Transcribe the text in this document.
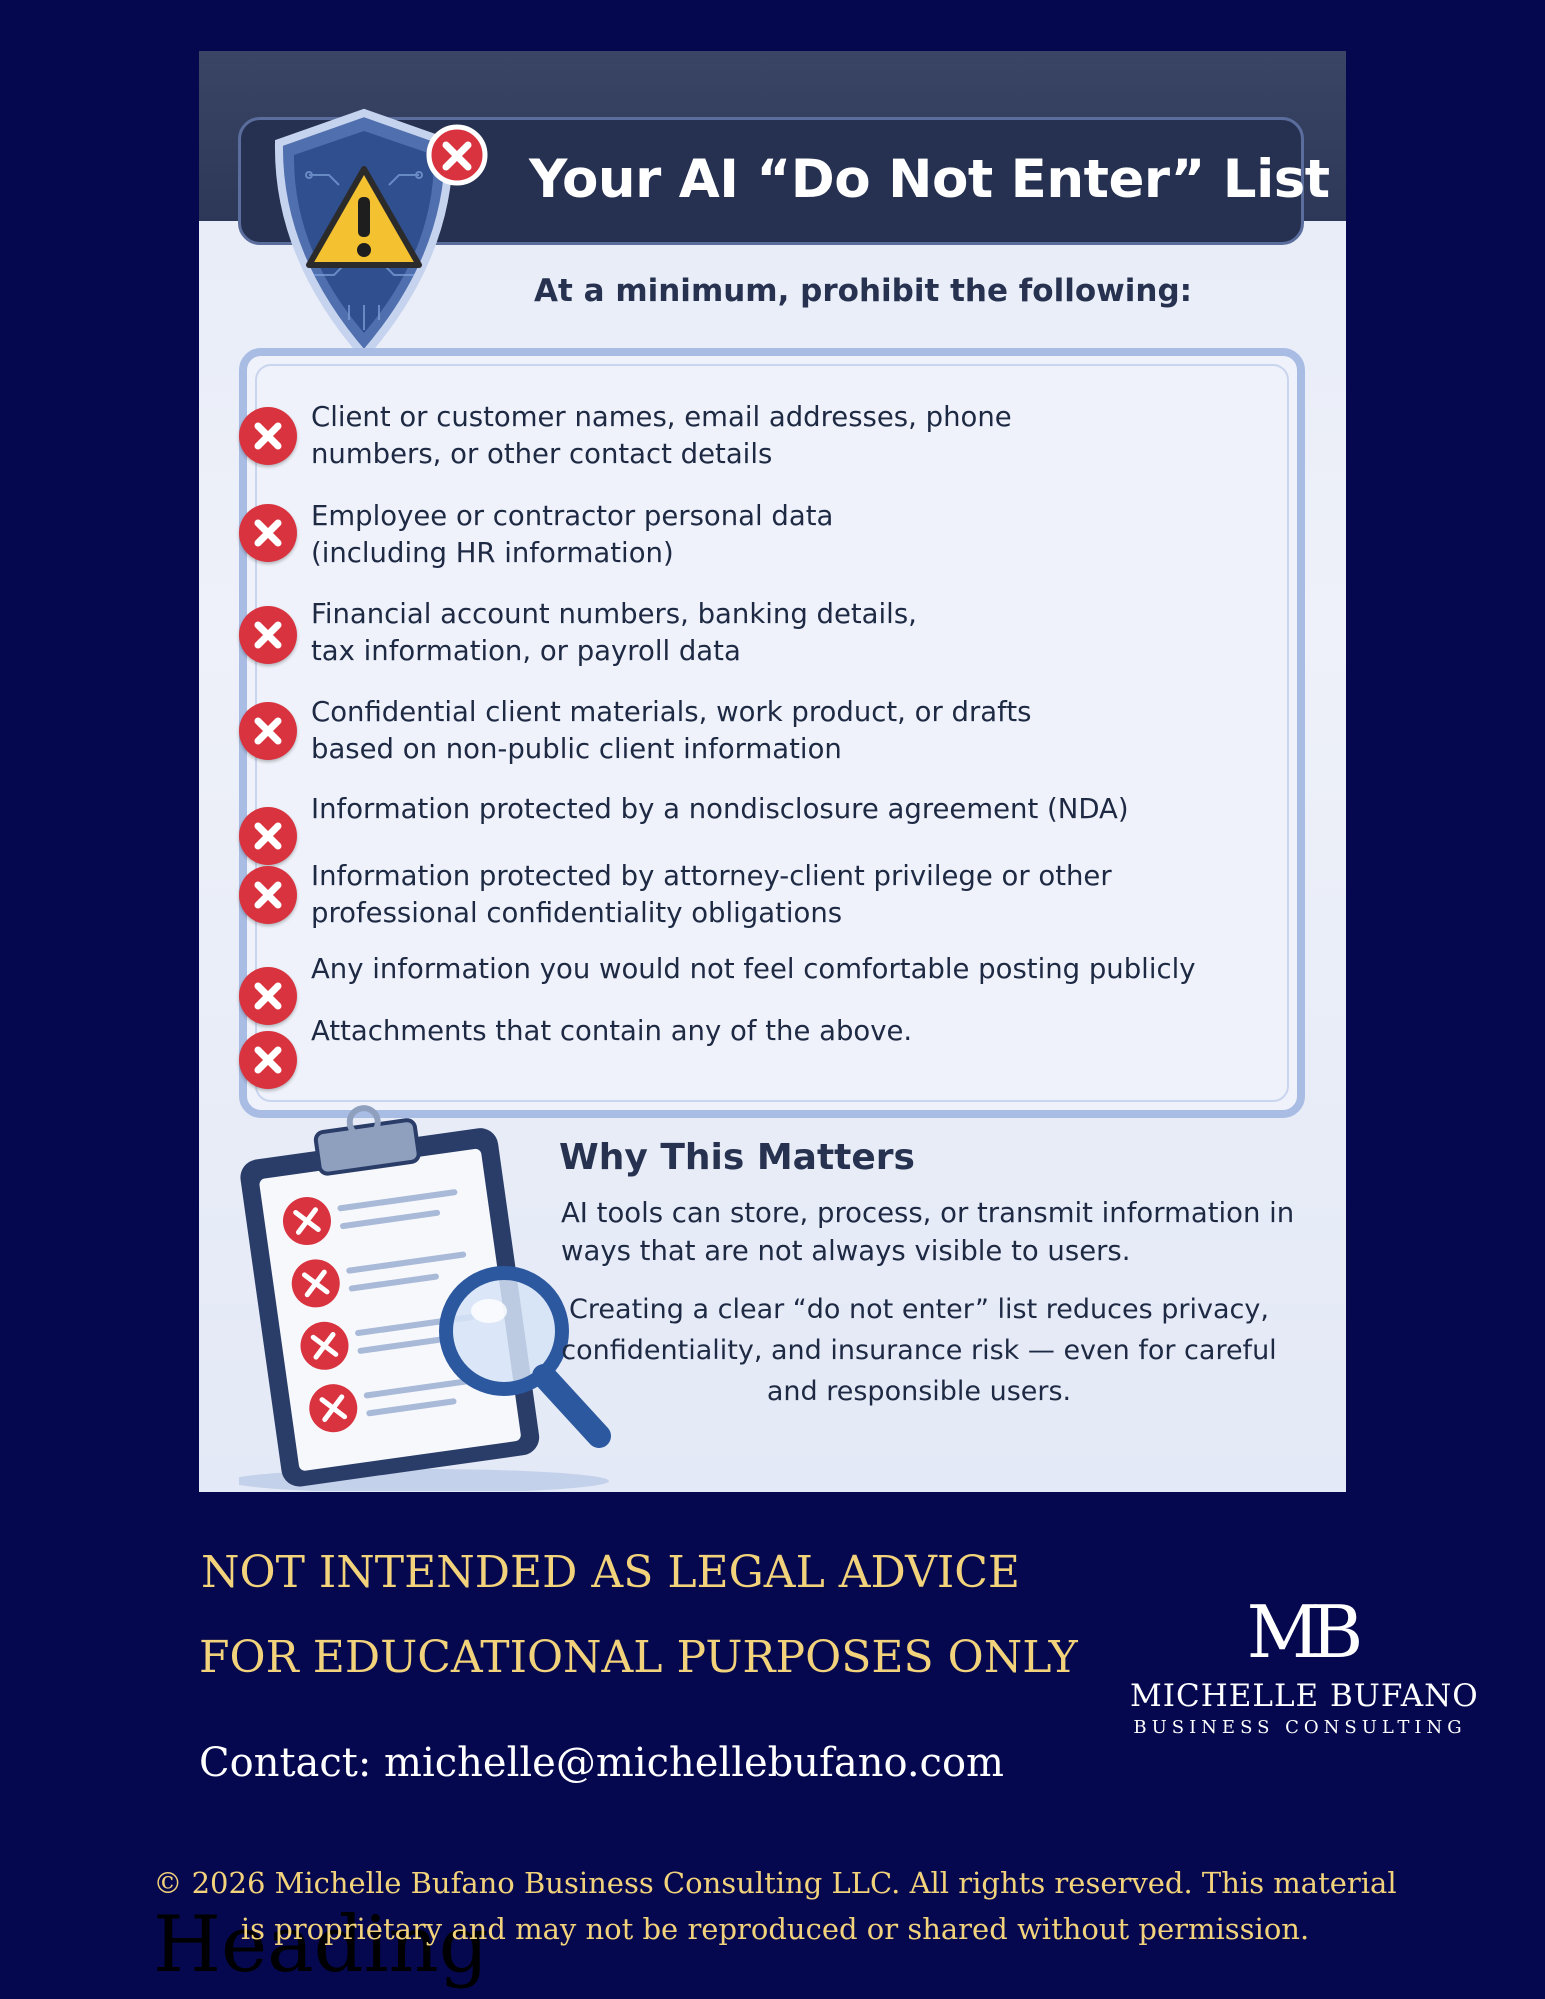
Your AI “Do Not Enter” List
At a minimum, prohibit the following:
Client or customer names, email addresses, phone
numbers, or other contact details
Employee or contractor personal data
(including HR information)
Financial account numbers, banking details,
tax information, or payroll data
Confidential client materials, work product, or drafts
based on non-public client information
Information protected by a nondisclosure agreement (NDA)
Information protected by attorney-client privilege or other
professional confidentiality obligations
Any information you would not feel comfortable posting publicly
Attachments that contain any of the above.
Why This Matters
AI tools can store, process, or transmit information in ways that are not always visible to users.
Creating a clear “do not enter” list reduces privacy, confidentiality, and insurance risk — even for careful and responsible users.
NOT INTENDED AS LEGAL ADVICE
FOR EDUCATIONAL PURPOSES ONLY
Contact: michelle@michellebufano.com
MB
MICHELLE BUFANO
BUSINESS CONSULTING
Heading
© 2026 Michelle Bufano Business Consulting LLC. All rights reserved. This material is proprietary and may not be reproduced or shared without permission.
